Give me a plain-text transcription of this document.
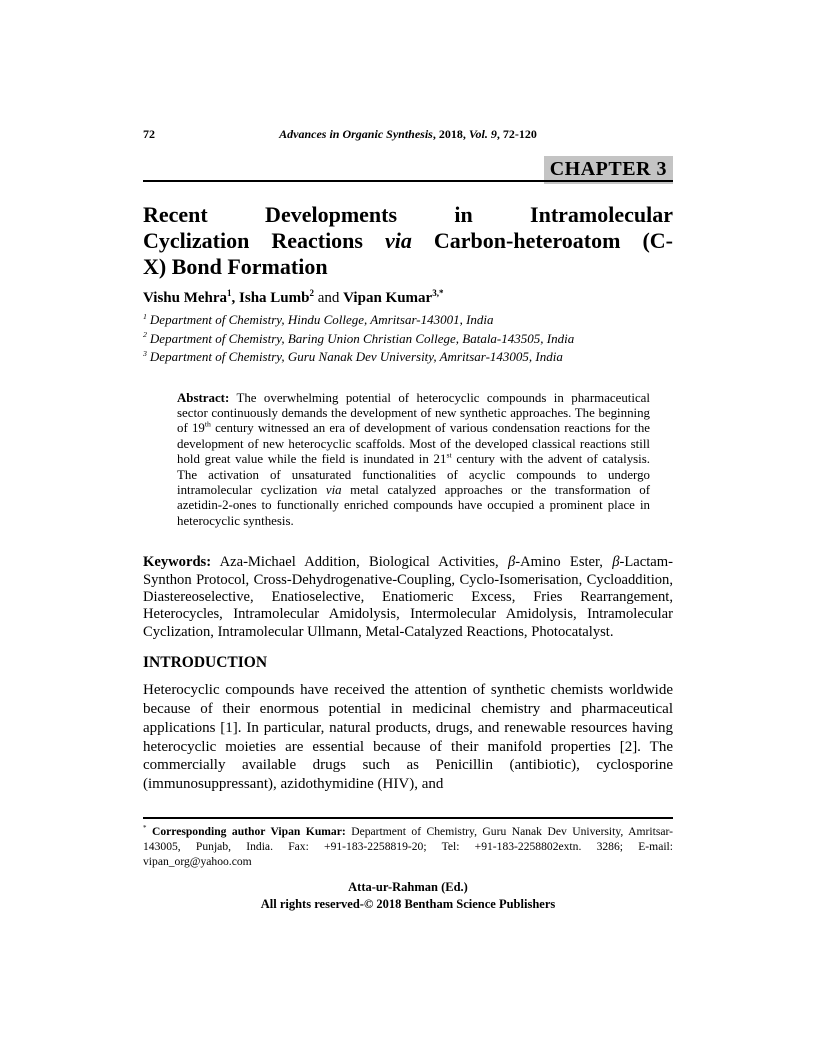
72	Advances in Organic Synthesis, 2018, Vol. 9, 72-120
CHAPTER 3
Recent Developments in Intramolecular
Cyclization Reactions via Carbon-heteroatom (C-
X) Bond Formation

Vishu Mehra$^1$, Isha Lumb$^2$ and Vipan Kumar$^{3,*}$

$^1$ Department of Chemistry, Hindu College, Amritsar-143001, India
$^2$ Department of Chemistry, Baring Union Christian College, Batala-143505, India
$^3$ Department of Chemistry, Guru Nanak Dev University, Amritsar-143005, India
Abstract: The overwhelming potential of heterocyclic compounds in pharmaceutical sector continuously demands the development of new synthetic approaches. The beginning of 19th century witnessed an era of development of various condensation reactions for the development of new heterocyclic scaffolds. Most of the developed classical reactions still hold great value while the field is inundated in 21st century with the advent of catalysis. The activation of unsaturated functionalities of acyclic compounds to undergo intramolecular cyclization via metal catalyzed approaches or the transformation of azetidin-2-ones to functionally enriched compounds have occupied a prominent place in heterocyclic synthesis.

Keywords: Aza-Michael Addition, Biological Activities, β-Amino Ester, β-Lactam-Synthon Protocol, Cross-Dehydrogenative-Coupling, Cyclo-Isomerisation, Cycloaddition, Diastereoselective, Enatioselective, Enatiomeric Excess, Fries Rearrangement, Heterocycles, Intramolecular Amidolysis, Intermolecular Amidolysis, Intramolecular Cyclization, Intramolecular Ullmann, Metal-Catalyzed Reactions, Photocatalyst.

INTRODUCTION

Heterocyclic compounds have received the attention of synthetic chemists worldwide because of their enormous potential in medicinal chemistry and pharmaceutical applications [1]. In particular, natural products, drugs, and renewable resources having heterocyclic moieties are essential because of their manifold properties [2]. The commercially available drugs such as Penicillin (antibiotic), cyclosporine (immunosuppressant), azidothymidine (HIV), and

* Corresponding author Vipan Kumar: Department of Chemistry, Guru Nanak Dev University, Amritsar-143005, Punjab, India. Fax: +91-183-2258819-20; Tel: +91-183-2258802extn. 3286; E-mail: vipan_org@yahoo.com

Atta-ur-Rahman (Ed.)
All rights reserved-© 2018 Bentham Science Publishers
